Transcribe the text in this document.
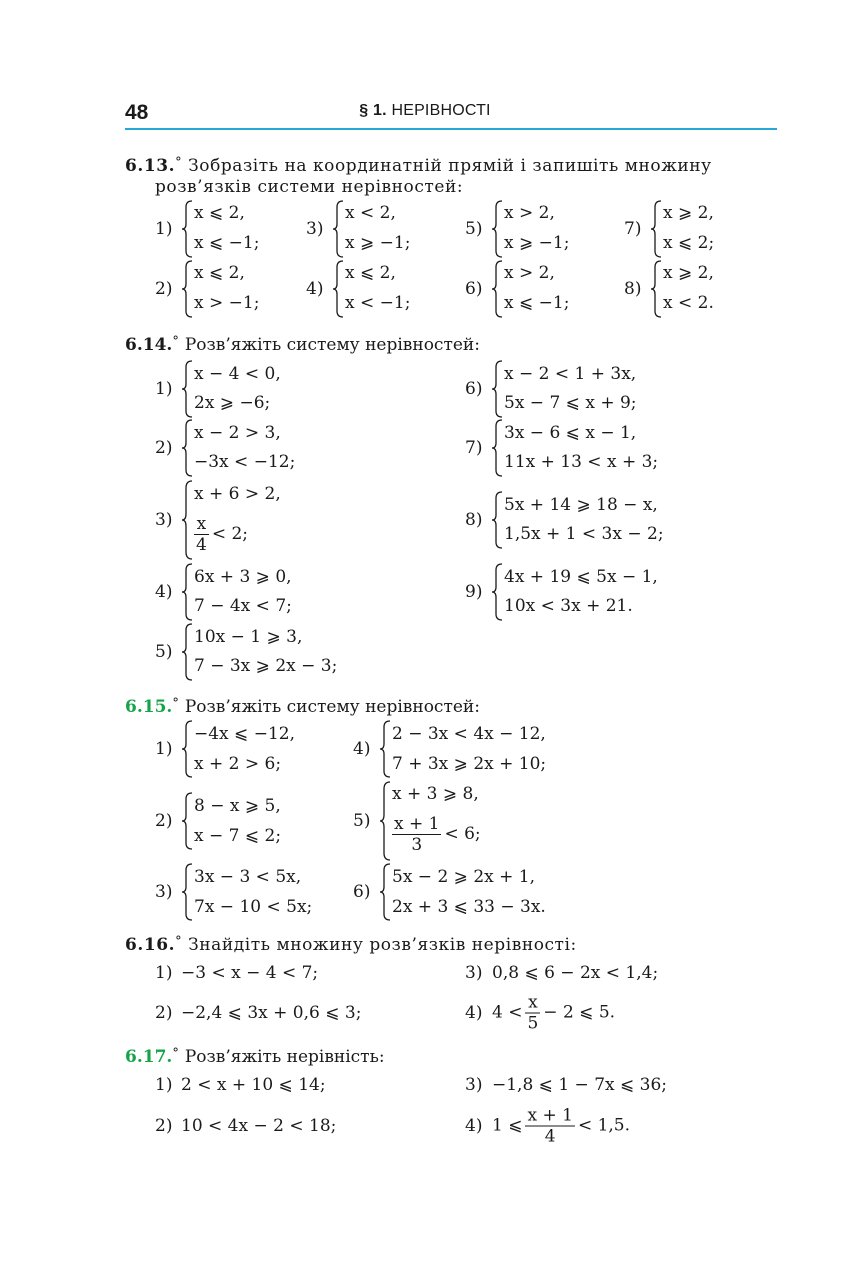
48	§ 1. НЕРІВНОСТІ
6.13.° Зобразіть на координатній прямій і запишіть множину
розв’язків системи нерівностей:
1)
x ⩽ 2,
x ⩽ −1;
3)
x < 2,
x ⩾ −1;
5)
x > 2,
x ⩾ −1;
7)
x ⩾ 2,
x ⩽ 2;
2)
x ⩽ 2,
x > −1;
4)
x ⩽ 2,
x < −1;
6)
x > 2,
x ⩽ −1;
8)
x ⩾ 2,
x < 2.
6.14.° Розв’яжіть систему нерівностей:
1)
x − 4 < 0,
2x ⩾ −6;
2)
x − 2 > 3,
−3x < −12;
3)
x + 6 > 2,
$\frac{x}{4} < 2$;
4)
6x + 3 ⩾ 0,
7 − 4x < 7;
5)
10x − 1 ⩾ 3,
7 − 3x ⩾ 2x − 3;
6)
x − 2 < 1 + 3x,
5x − 7 ⩽ x + 9;
7)
3x − 6 ⩽ x − 1,
11x + 13 < x + 3;
8)
5x + 14 ⩾ 18 − x,
1,5x + 1 < 3x − 2;
9)
4x + 19 ⩽ 5x − 1,
10x < 3x + 21.
6.15.° Розв’яжіть систему нерівностей:
1)
−4x ⩽ −12,
x + 2 > 6;
2)
8 − x ⩾ 5,
x − 7 ⩽ 2;
3)
3x − 3 < 5x,
7x − 10 < 5x;
4)
2 − 3x < 4x − 12,
7 + 3x ⩾ 2x + 10;
5)
x + 3 ⩾ 8,
$\frac{x + 1}{3} < 6$;
6)
5x − 2 ⩾ 2x + 1,
2x + 3 ⩽ 33 − 3x.
6.16.° Знайдіть множину розв’язків нерівності:
1) −3 < x − 4 < 7;	3) 0,8 ⩽ 6 − 2x < 1,4;
2) −2,4 ⩽ 3x + 0,6 ⩽ 3;	4) $4 < \frac{x}{5} - 2$ ⩽ 5.
6.17.° Розв’яжіть нерівність:
1) 2 < x + 10 ⩽ 14;	3) −1,8 ⩽ 1 − 7x ⩽ 36;
2) 10 < 4x − 2 < 18;	4) 1 ⩽ $\frac{x + 1}{4} < 1,5$.
